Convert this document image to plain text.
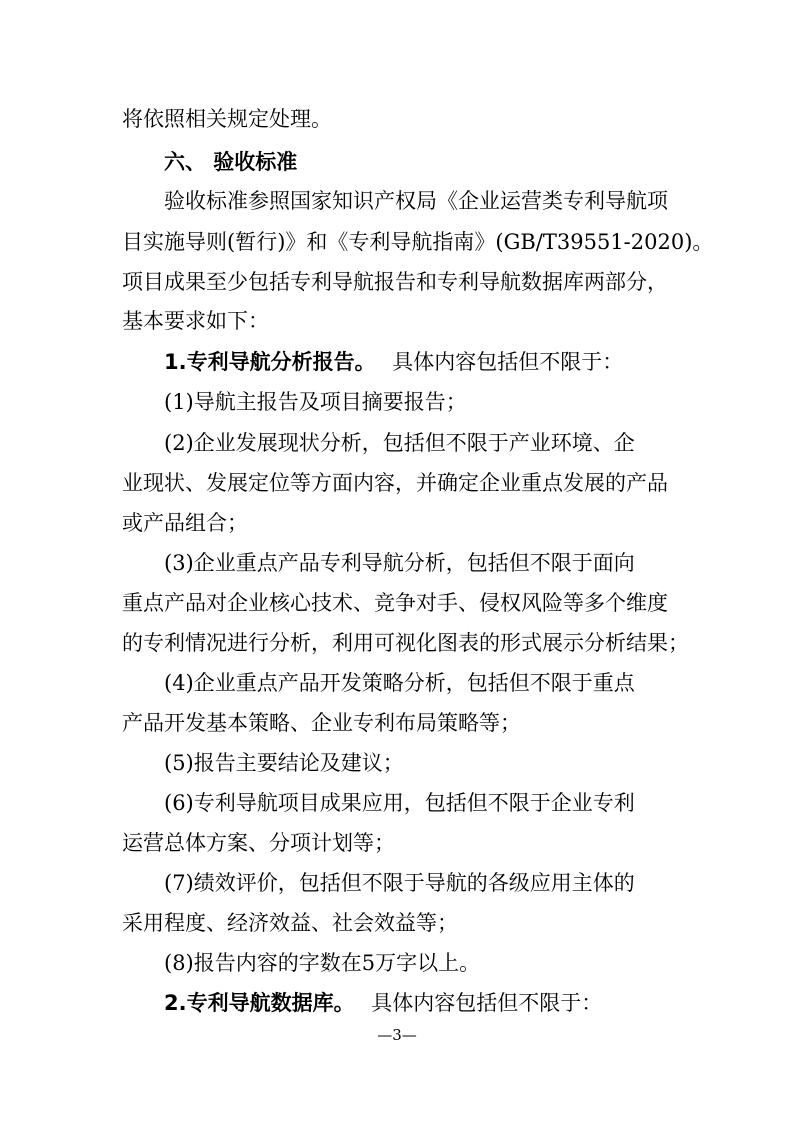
将依照相关规定处理。
六、 验收标准
验收标准参照国家知识产权局《企业运营类专利导航项
目实施导则(暂行)》和《专利导航指南》(GB/T39551-2020)。
项目成果至少包括专利导航报告和专利导航数据库两部分，
基本要求如下：
1.专利导航分析报告。 具体内容包括但不限于：
(1)导航主报告及项目摘要报告；
(2)企业发展现状分析，包括但不限于产业环境、企
业现状、发展定位等方面内容，并确定企业重点发展的产品
或产品组合；
(3)企业重点产品专利导航分析，包括但不限于面向
重点产品对企业核心技术、竞争对手、侵权风险等多个维度
的专利情况进行分析，利用可视化图表的形式展示分析结果；
(4)企业重点产品开发策略分析，包括但不限于重点
产品开发基本策略、企业专利布局策略等；
(5)报告主要结论及建议；
(6)专利导航项目成果应用，包括但不限于企业专利
运营总体方案、分项计划等；
(7)绩效评价，包括但不限于导航的各级应用主体的
采用程度、经济效益、社会效益等；
(8)报告内容的字数在5万字以上。
2.专利导航数据库。 具体内容包括但不限于：
—3—
